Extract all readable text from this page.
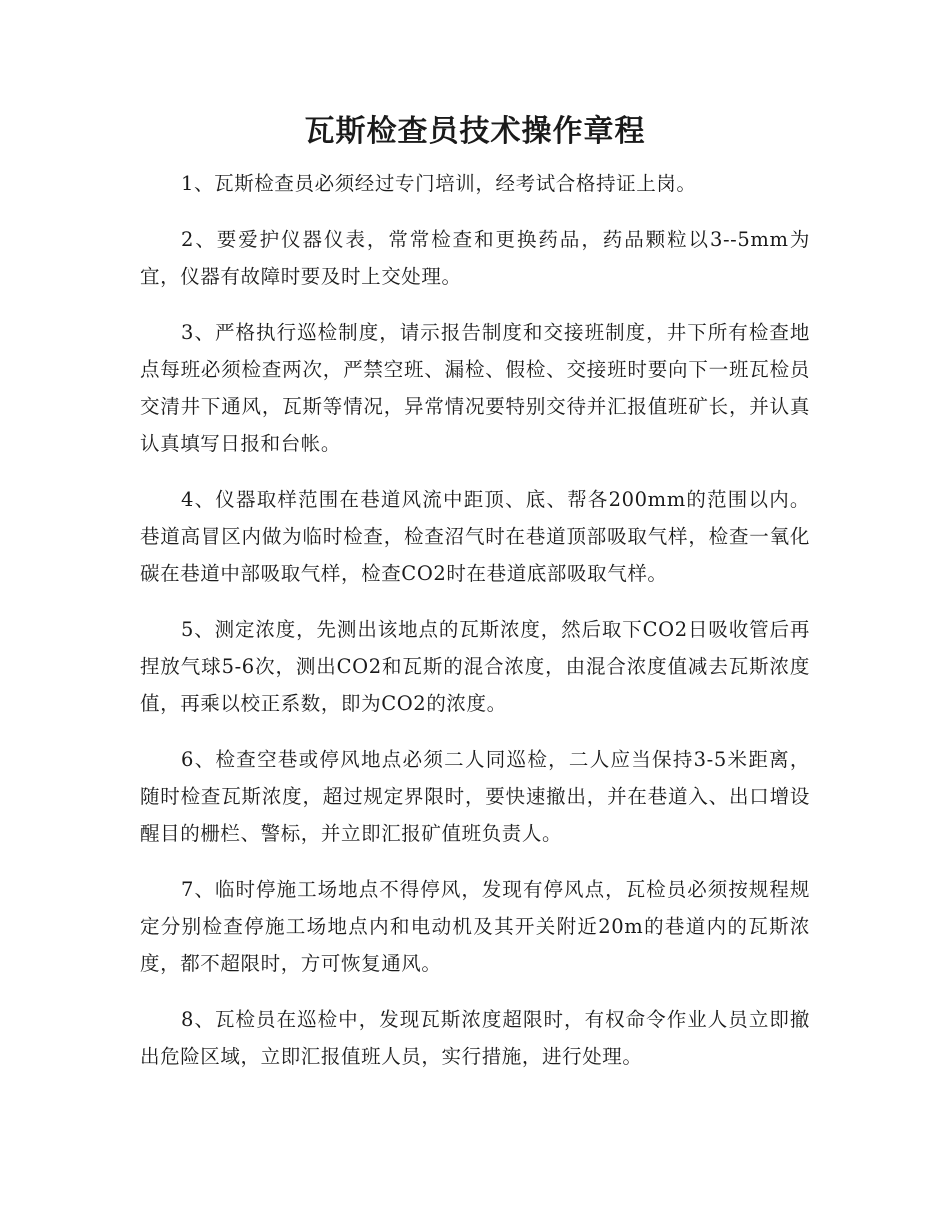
瓦斯检查员技术操作章程

1、瓦斯检查员必须经过专门培训，经考试合格持证上岗。

2、要爱护仪器仪表，常常检查和更换药品，药品颗粒以3--5mm为宜，仪器有故障时要及时上交处理。

3、严格执行巡检制度，请示报告制度和交接班制度，井下所有检查地点每班必须检查两次，严禁空班、漏检、假检、交接班时要向下一班瓦检员交清井下通风，瓦斯等情况，异常情况要特别交待并汇报值班矿长，并认真认真填写日报和台帐。

4、仪器取样范围在巷道风流中距顶、底、帮各200mm的范围以内。巷道高冒区内做为临时检查，检查沼气时在巷道顶部吸取气样，检查一氧化碳在巷道中部吸取气样，检查CO2时在巷道底部吸取气样。

5、测定浓度，先测出该地点的瓦斯浓度，然后取下CO2日吸收管后再捏放气球5-6次，测出CO2和瓦斯的混合浓度，由混合浓度值减去瓦斯浓度值，再乘以校正系数，即为CO2的浓度。

6、检查空巷或停风地点必须二人同巡检，二人应当保持3-5米距离，随时检查瓦斯浓度，超过规定界限时，要快速撤出，并在巷道入、出口增设醒目的栅栏、警标，并立即汇报矿值班负责人。

7、临时停施工场地点不得停风，发现有停风点，瓦检员必须按规程规定分别检查停施工场地点内和电动机及其开关附近20m的巷道内的瓦斯浓度，都不超限时，方可恢复通风。

8、瓦检员在巡检中，发现瓦斯浓度超限时，有权命令作业人员立即撤出危险区域，立即汇报值班人员，实行措施，进行处理。
